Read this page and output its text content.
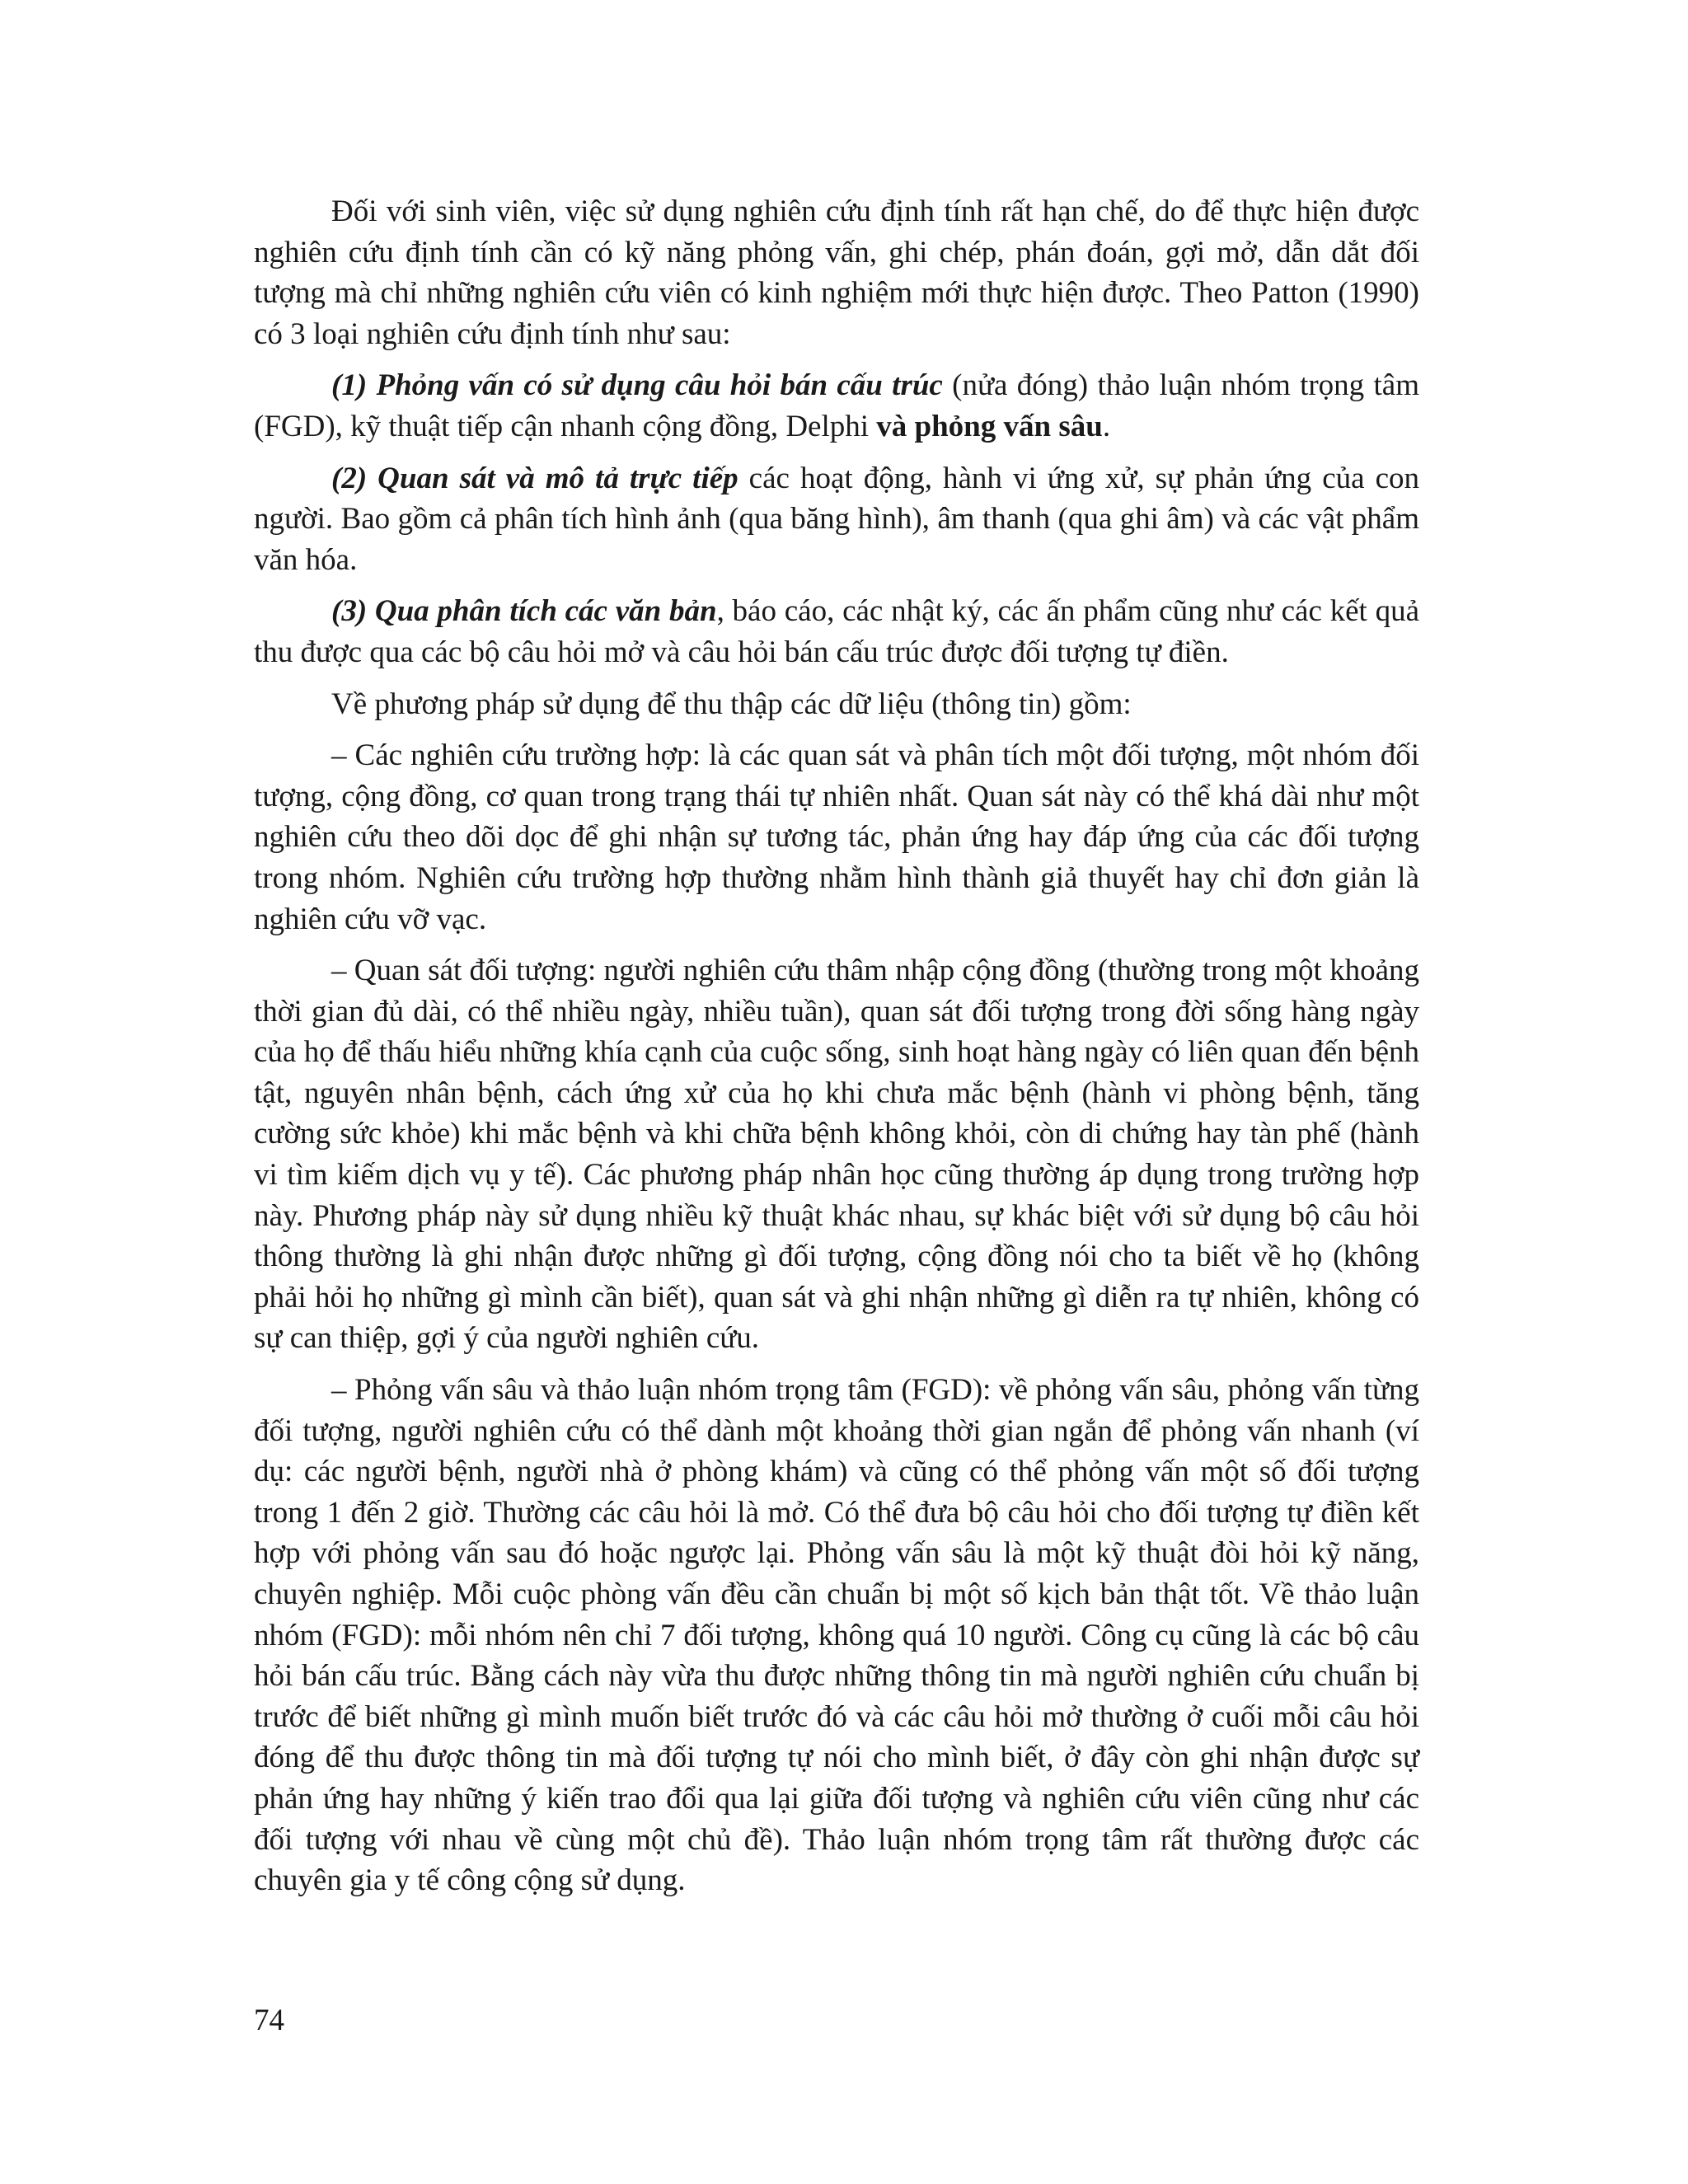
Đối với sinh viên, việc sử dụng nghiên cứu định tính rất hạn chế, do để thực hiện được nghiên cứu định tính cần có kỹ năng phỏng vấn, ghi chép, phán đoán, gợi mở, dẫn dắt đối tượng mà chỉ những nghiên cứu viên có kinh nghiệm mới thực hiện được. Theo Patton (1990) có 3 loại nghiên cứu định tính như sau:

(1) Phỏng vấn có sử dụng câu hỏi bán cấu trúc (nửa đóng) thảo luận nhóm trọng tâm (FGD), kỹ thuật tiếp cận nhanh cộng đồng, Delphi và phỏng vấn sâu.

(2) Quan sát và mô tả trực tiếp các hoạt động, hành vi ứng xử, sự phản ứng của con người. Bao gồm cả phân tích hình ảnh (qua băng hình), âm thanh (qua ghi âm) và các vật phẩm văn hóa.

(3) Qua phân tích các văn bản, báo cáo, các nhật ký, các ấn phẩm cũng như các kết quả thu được qua các bộ câu hỏi mở và câu hỏi bán cấu trúc được đối tượng tự điền.

Về phương pháp sử dụng để thu thập các dữ liệu (thông tin) gồm:

– Các nghiên cứu trường hợp: là các quan sát và phân tích một đối tượng, một nhóm đối tượng, cộng đồng, cơ quan trong trạng thái tự nhiên nhất. Quan sát này có thể khá dài như một nghiên cứu theo dõi dọc để ghi nhận sự tương tác, phản ứng hay đáp ứng của các đối tượng trong nhóm. Nghiên cứu trường hợp thường nhằm hình thành giả thuyết hay chỉ đơn giản là nghiên cứu vỡ vạc.

– Quan sát đối tượng: người nghiên cứu thâm nhập cộng đồng (thường trong một khoảng thời gian đủ dài, có thể nhiều ngày, nhiều tuần), quan sát đối tượng trong đời sống hàng ngày của họ để thấu hiểu những khía cạnh của cuộc sống, sinh hoạt hàng ngày có liên quan đến bệnh tật, nguyên nhân bệnh, cách ứng xử của họ khi chưa mắc bệnh (hành vi phòng bệnh, tăng cường sức khỏe) khi mắc bệnh và khi chữa bệnh không khỏi, còn di chứng hay tàn phế (hành vi tìm kiếm dịch vụ y tế). Các phương pháp nhân học cũng thường áp dụng trong trường hợp này. Phương pháp này sử dụng nhiều kỹ thuật khác nhau, sự khác biệt với sử dụng bộ câu hỏi thông thường là ghi nhận được những gì đối tượng, cộng đồng nói cho ta biết về họ (không phải hỏi họ những gì mình cần biết), quan sát và ghi nhận những gì diễn ra tự nhiên, không có sự can thiệp, gợi ý của người nghiên cứu.

– Phỏng vấn sâu và thảo luận nhóm trọng tâm (FGD): về phỏng vấn sâu, phỏng vấn từng đối tượng, người nghiên cứu có thể dành một khoảng thời gian ngắn để phỏng vấn nhanh (ví dụ: các người bệnh, người nhà ở phòng khám) và cũng có thể phỏng vấn một số đối tượng trong 1 đến 2 giờ. Thường các câu hỏi là mở. Có thể đưa bộ câu hỏi cho đối tượng tự điền kết hợp với phỏng vấn sau đó hoặc ngược lại. Phỏng vấn sâu là một kỹ thuật đòi hỏi kỹ năng, chuyên nghiệp. Mỗi cuộc phòng vấn đều cần chuẩn bị một số kịch bản thật tốt. Về thảo luận nhóm (FGD): mỗi nhóm nên chỉ 7 đối tượng, không quá 10 người. Công cụ cũng là các bộ câu hỏi bán cấu trúc. Bằng cách này vừa thu được những thông tin mà người nghiên cứu chuẩn bị trước để biết những gì mình muốn biết trước đó và các câu hỏi mở thường ở cuối mỗi câu hỏi đóng để thu được thông tin mà đối tượng tự nói cho mình biết, ở đây còn ghi nhận được sự phản ứng hay những ý kiến trao đổi qua lại giữa đối tượng và nghiên cứu viên cũng như các đối tượng với nhau về cùng một chủ đề). Thảo luận nhóm trọng tâm rất thường được các chuyên gia y tế công cộng sử dụng.

74
